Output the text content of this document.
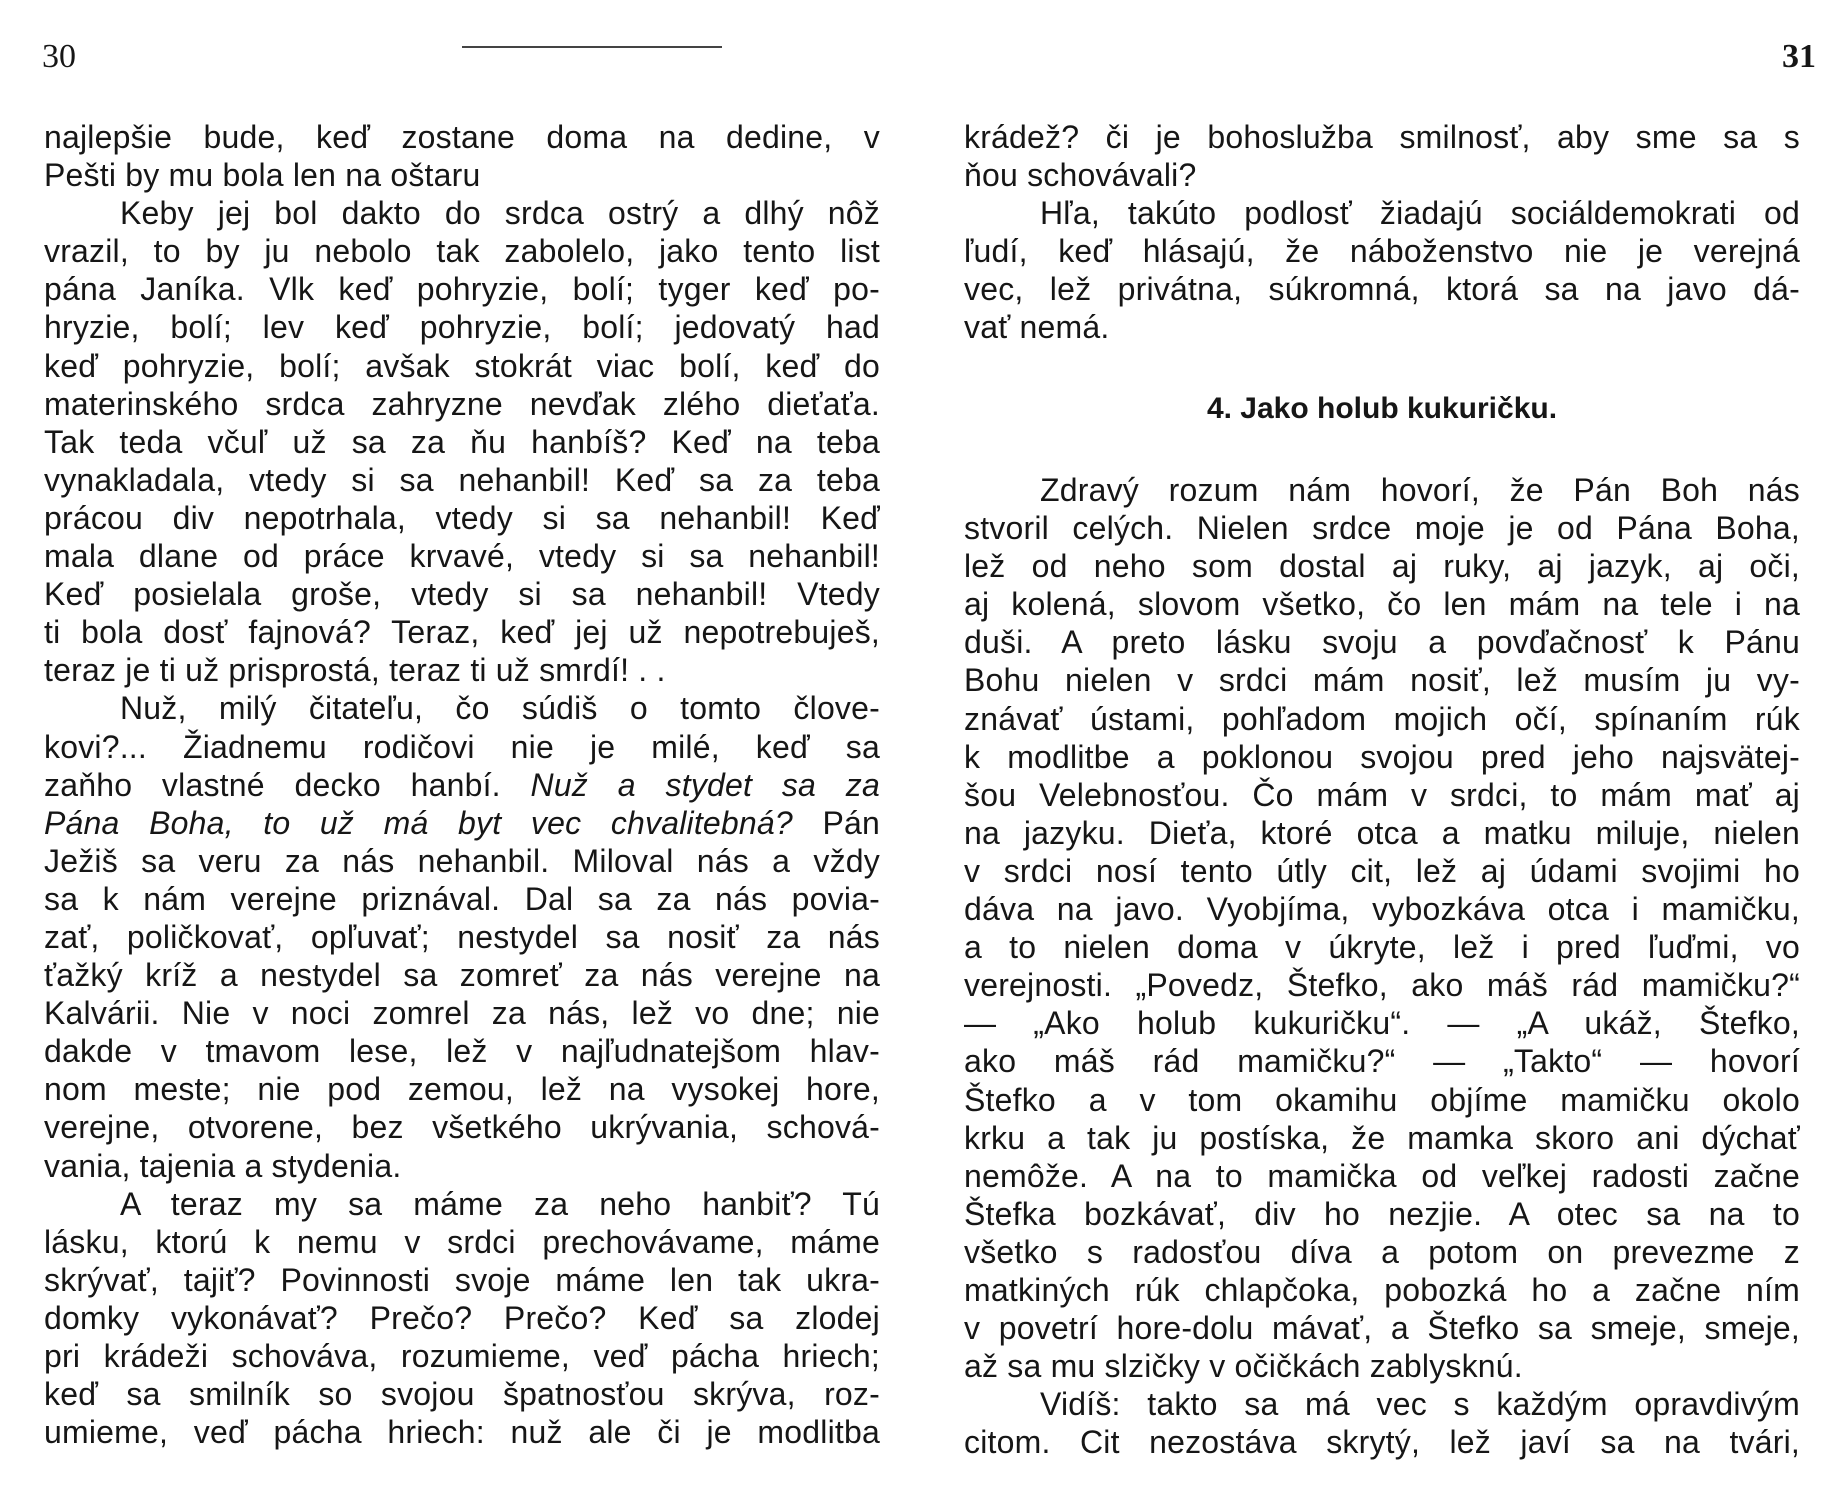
30
najlepšie bude, keď zostane doma na dedine, v
Pešti by mu bola len na oštaru
Keby jej bol dakto do srdca ostrý a dlhý nôž
vrazil, to by ju nebolo tak zabolelo, jako tento list
pána Janíka. Vlk keď pohryzie, bolí; tyger keď po-
hryzie, bolí; lev keď pohryzie, bolí; jedovatý had
keď pohryzie, bolí; avšak stokrát viac bolí, keď do
materinského srdca zahryzne nevďak zlého dieťaťa.
Tak teda včuľ už sa za ňu hanbíš? Keď na teba
vynakladala, vtedy si sa nehanbil! Keď sa za teba
prácou div nepotrhala, vtedy si sa nehanbil! Keď
mala dlane od práce krvavé, vtedy si sa nehanbil!
Keď posielala groše, vtedy si sa nehanbil! Vtedy
ti bola dosť fajnová? Teraz, keď jej už nepotrebuješ,
teraz je ti už prisprostá, teraz ti už smrdí! . .
Nuž, milý čitateľu, čo súdiš o tomto člove-
kovi?... Žiadnemu rodičovi nie je milé, keď sa
zaňho vlastné decko hanbí. Nuž a stydet sa za
Pána Boha, to už má byt vec chvalitebná? Pán
Ježiš sa veru za nás nehanbil. Miloval nás a vždy
sa k nám verejne priznával. Dal sa za nás povia-
zať, poličkovať, opľuvať; nestydel sa nosiť za nás
ťažký kríž a nestydel sa zomreť za nás verejne na
Kalvárii. Nie v noci zomrel za nás, lež vo dne; nie
dakde v tmavom lese, lež v najľudnatejšom hlav-
nom meste; nie pod zemou, lež na vysokej hore,
verejne, otvorene, bez všetkého ukrývania, schová-
vania, tajenia a stydenia.
A teraz my sa máme za neho hanbiť? Tú
lásku, ktorú k nemu v srdci prechovávame, máme
skrývať, tajiť? Povinnosti svoje máme len tak ukra-
domky vykonávať? Prečo? Prečo? Keď sa zlodej
pri krádeži schováva, rozumieme, veď pácha hriech;
keď sa smilník so svojou špatnosťou skrýva, roz-
umieme, veď pácha hriech: nuž ale či je modlitba
31
krádež? či je bohoslužba smilnosť, aby sme sa s
ňou schovávali?
Hľa, takúto podlosť žiadajú sociáldemokrati od
ľudí, keď hlásajú, že náboženstvo nie je verejná
vec, lež privátna, súkromná, ktorá sa na javo dá-
vať nemá.
4. Jako holub kukuričku.
Zdravý rozum nám hovorí, že Pán Boh nás
stvoril celých. Nielen srdce moje je od Pána Boha,
lež od neho som dostal aj ruky, aj jazyk, aj oči,
aj kolená, slovom všetko, čo len mám na tele i na
duši. A preto lásku svoju a povďačnosť k Pánu
Bohu nielen v srdci mám nosiť, lež musím ju vy-
znávať ústami, pohľadom mojich očí, spínaním rúk
k modlitbe a poklonou svojou pred jeho najsvätej-
šou Velebnosťou. Čo mám v srdci, to mám mať aj
na jazyku. Dieťa, ktoré otca a matku miluje, nielen
v srdci nosí tento útly cit, lež aj údami svojimi ho
dáva na javo. Vyobjíma, vybozkáva otca i mamičku,
a to nielen doma v úkryte, lež i pred ľuďmi, vo
verejnosti. „Povedz, Štefko, ako máš rád mamičku?“
— „Ako holub kukuričku“. — „A ukáž, Štefko,
ako máš rád mamičku?“ — „Takto“ — hovorí
Štefko a v tom okamihu objíme mamičku okolo
krku a tak ju postíska, že mamka skoro ani dýchať
nemôže. A na to mamička od veľkej radosti začne
Štefka bozkávať, div ho nezjie. A otec sa na to
všetko s radosťou díva a potom on prevezme z
matkiných rúk chlapčoka, pobozká ho a začne ním
v povetrí hore-dolu mávať, a Štefko sa smeje, smeje,
až sa mu slzičky v očičkách zablysknú.
Vidíš: takto sa má vec s každým opravdivým
citom. Cit nezostáva skrytý, lež javí sa na tvári,
